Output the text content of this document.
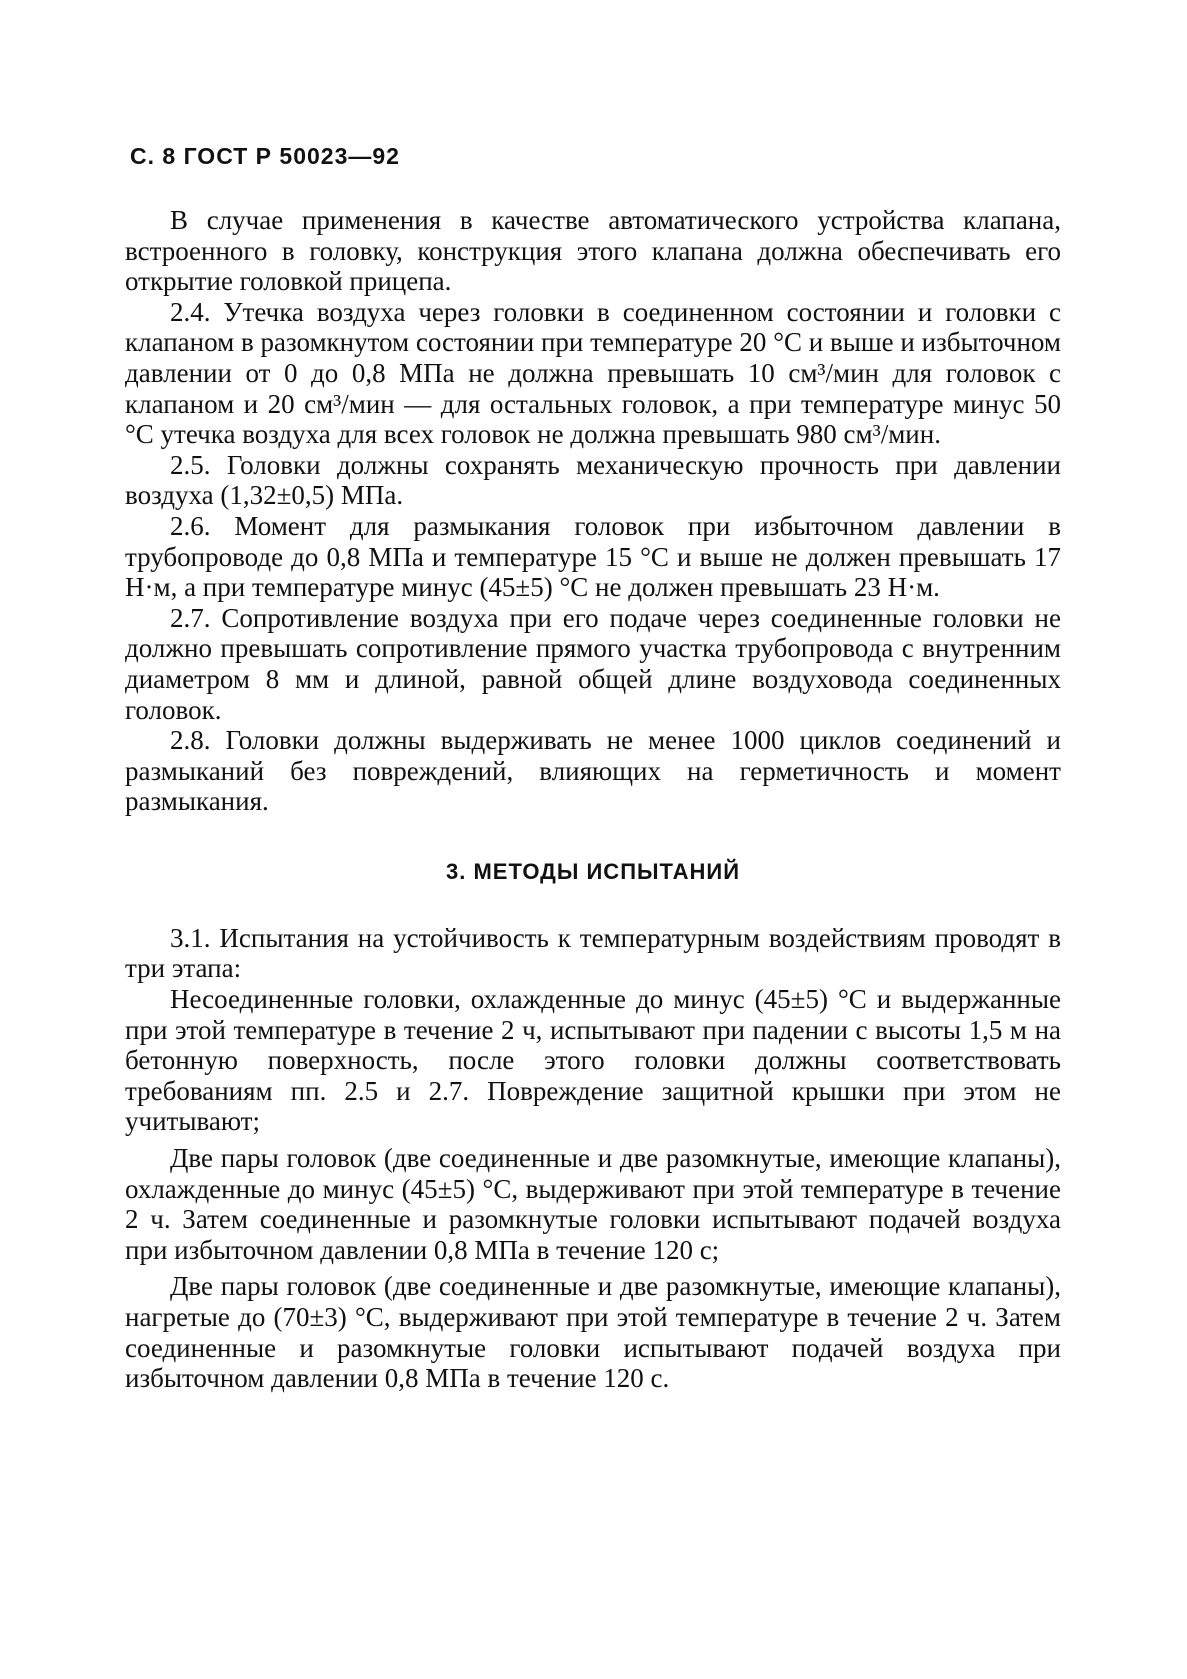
С. 8 ГОСТ Р 50023—92

В случае применения в качестве автоматического устройства клапана, встроенного в головку, конструкция этого клапана должна обеспечивать его открытие головкой прицепа.

2.4. Утечка воздуха через головки в соединенном состоянии и головки с клапаном в разомкнутом состоянии при температуре 20 °C и выше и избыточном давлении от 0 до 0,8 МПа не должна превышать 10 см³/мин для головок с клапаном и 20 см³/мин — для остальных головок, а при температуре минус 50 °C утечка воздуха для всех головок не должна превышать 980 см³/мин.

2.5. Головки должны сохранять механическую прочность при давлении воздуха (1,32±0,5) МПа.

2.6. Момент для размыкания головок при избыточном давлении в трубопроводе до 0,8 МПа и температуре 15 °C и выше не должен превышать 17 Н·м, а при температуре минус (45±5) °C не должен превышать 23 Н·м.

2.7. Сопротивление воздуха при его подаче через соединенные головки не должно превышать сопротивление прямого участка трубопровода с внутренним диаметром 8 мм и длиной, равной общей длине воздуховода соединенных головок.

2.8. Головки должны выдерживать не менее 1000 циклов соединений и размыканий без повреждений, влияющих на герметичность и момент размыкания.

3. МЕТОДЫ ИСПЫТАНИЙ

3.1. Испытания на устойчивость к температурным воздействиям проводят в три этапа:

Несоединенные головки, охлажденные до минус (45±5) °C и выдержанные при этой температуре в течение 2 ч, испытывают при падении с высоты 1,5 м на бетонную поверхность, после этого головки должны соответствовать требованиям пп. 2.5 и 2.7. Повреждение защитной крышки при этом не учитывают;

Две пары головок (две соединенные и две разомкнутые, имеющие клапаны), охлажденные до минус (45±5) °C, выдерживают при этой температуре в течение 2 ч. Затем соединенные и разомкнутые головки испытывают подачей воздуха при избыточном давлении 0,8 МПа в течение 120 с;

Две пары головок (две соединенные и две разомкнутые, имеющие клапаны), нагретые до (70±3) °C, выдерживают при этой температуре в течение 2 ч. Затем соединенные и разомкнутые головки испытывают подачей воздуха при избыточном давлении 0,8 МПа в течение 120 с.
